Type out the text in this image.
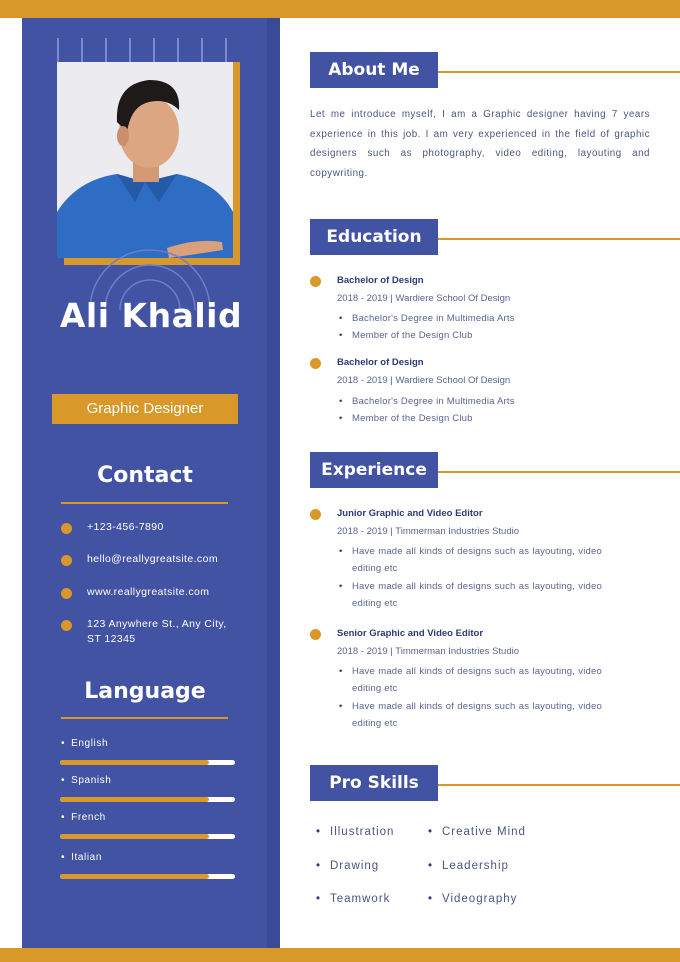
Ali Khalid
Graphic Designer
Contact
+123-456-7890
hello@reallygreatsite.com
www.reallygreatsite.com
123 Anywhere St., Any City, ST 12345
Language
• English
• Spanish
• French
• Italian
About Me
Let me introduce myself, I am a Graphic designer having 7 years experience in this job. I am very experienced in the field of graphic designers such as photography, video editing, layouting and copywriting.
Education
Bachelor of Design
2018 - 2019 | Wardiere School Of Design
• Bachelor's Degree in Multimedia Arts
• Member of the Design Club
Bachelor of Design
2018 - 2019 | Wardiere School Of Design
• Bachelor's Degree in Multimedia Arts
• Member of the Design Club
Experience
Junior Graphic and Video Editor
2018 - 2019 | Timmerman Industries Studio
• Have made all kinds of designs such as layouting, video editing etc
• Have made all kinds of designs such as layouting, video editing etc
Senior Graphic and Video Editor
2018 - 2019 | Timmerman Industries Studio
• Have made all kinds of designs such as layouting, video editing etc
• Have made all kinds of designs such as layouting, video editing etc
Pro Skills
• Illustration	• Creative Mind
• Drawing	• Leadership
• Teamwork	• Videography
